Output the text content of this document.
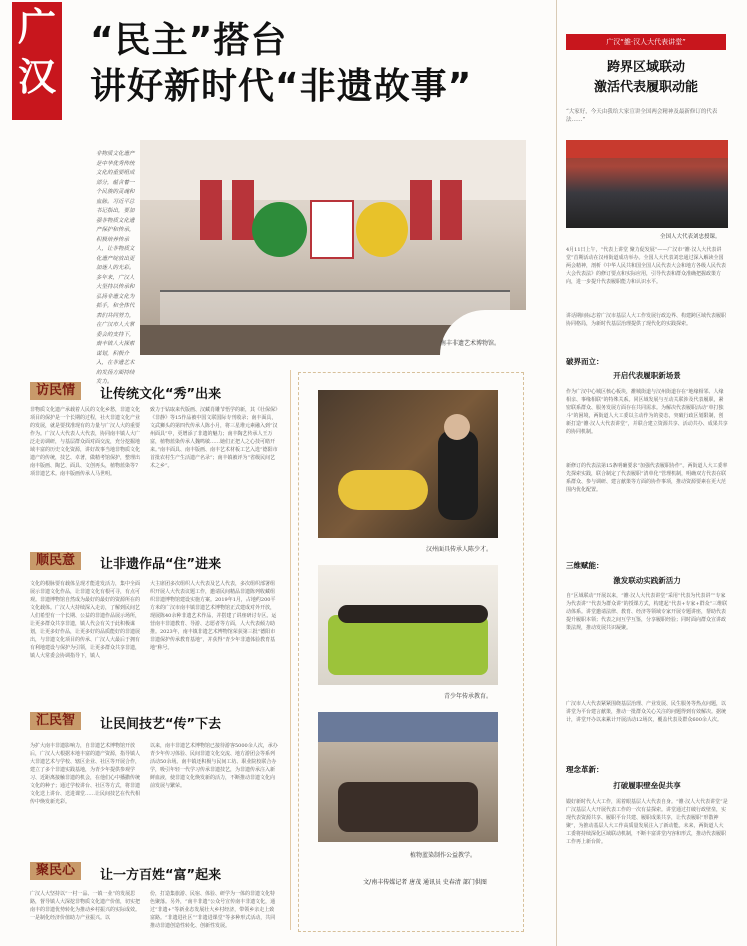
广
汉
“民主”搭台
讲好新时代“非遗故事”
非物质文化遗产是中华优秀传统文化的重要组成部分，蕴含着一个民族的灵魂和血脉。习近平总书记指出，要加强非物质文化遗产保护和传承，积极培养传承人，让非物质文化遗产绽放出更加迷人的光彩。多年来，广汉人大坚持以传承和弘扬非遗文化为抓手，和全体代表们共同努力，在广汉市人大常委会的支持下，南丰镇人大探索谋划，积极介入，在非遗艺术的发扬方面持续发力。
南丰非遗艺术博物馆。
访民情	让传统文化“秀”出来
非物质文化遗产承载着人民的文化乡愁，非遗文化项目的保护是一个长期的过程，社火非遗文化产业的发展，就是要找准现有的力量与广汉人大的重要作为。广汉人大代表人大代表，协同南丰镇人大广泛走访调研，与基层群众面对面交流，充分挖掘地域丰富的历史文化资源，讲好故事当地非物质文化遗产的传统，技艺、卓著，做精考馆保护，整理出南丰版画、陶艺、面具、文创再头，植物蓝染等7项非遗艺术。南丰版画传承人马世明。
致力于钻取来代版画、汉藏肖雕节悟学的新，其《壮保保》《非静》等15作品被中国文联国际专刊收录；南丰面具，文武狮头的第四代传承人陈小月，将三星堆元素融入到“汉州面具”中，更增添了非遗的魅力；南丰陶艺传承人王万富，植物蓝染传承人魏鸣敏……她们正把人之心技可睹开来。”南丰面具、南丰版画、南丰艺术材板工艺入选“德阳市首批农村生产生活遗产名录”；南丰镇被评为“省级民间艺术之乡”。
顺民意	让非遗作品“住”进来
文化的根脉要有载体呈现才能进发活力，集中全面展示非遗文化作品，让非遗文化有根可寻，有点可观。非遗博物馆自然成为最好的最好的资源所在的文化载体。广汉人大持续深入走访，了解到民间艺人们希望有一个长期、公益的非遗作品展示场所，让更多群众共享非遗，镇人代会有关于此积极谋划，让更多好作品，让更多好的品质能好的非遗展出，与非遗文化项目的传承、广汉人大最后于拥有有利地建设与保护为引领，让更多群众共享非遗，镇人大常委会协调指导下，镇人
大主席团多次组织人大代表及艺人代表，多次组织部署组织开展人大代表议题工作，邀请民间精品非遗陈列收藏组织非遗博物馆建设实施方案。2019年1月，占地约200平方米的广汉市南丰镇非遗艺术博物馆正式建成对外开放，现展陈40余种非遗艺术作品，并搭建了讲座研讨专区。运营南丰非遗教育、导游、志愿者等方面，人大代表倾力助推。2023年，南丰镇非遗艺术博物馆荣获第三批“德阳市非遗保护传承教育基地”，并获得“青少年非遗体验教育基地”称号。
汇民智	让民间技艺“传”下去
为扩大南丰非遗影响力，自非遗艺术博物馆开放后，广汉人大根据本地丰富的遗产资源，指导镇人大非遗艺术与学校、辖区企业、社区等开展合作，建立了多个非遗实践基地，为青少年提供参观学习、近距离接触非遗的机会，在他们心中播撒传统文化的种子；通过学校讲台、社区等方式，将非遗文化送上讲台、送进课堂……让民间技艺在代代相传中焕发新光彩。
以来，南丰非遗艺术博物馆已接待游客5000余人次，承办青少年传习体验、民间非遗文化交流、地方游团会等系列活动50余场。南丰镇还积极与民间工坊、职业院校联合办学，吸引年轻一代学习传承非遗技艺，为非遗传承注入新鲜血液，使非遗文化焕发新的活力，不断推动非遗文化向前发展与繁荣。
聚民心	让一方百姓“富”起来
广汉人大坚持以“一村一品、一镇一业”的发展思路，督导镇人大深挖非物质文化遗产价值，切实把南丰的非遗优势转化为推动乡村振兴的实际成效。一是制化经济价值助力产业振兴。以
份，打造集旅游、民宿、体验、研学为一体的非遗文化特色聚落。另外，“南丰非遗”公众号宣传南丰非遗文化，通过“非遗+”等新业态发展壮大乡村经济，带领乡亲走上致富路。“非遗进社区”“非遗进课堂”等多种形式活动，共同推动非遗创造性转化、创新性发展。
汉州面具传承人陈少才。
青少年传承教育。
植物蓝染制作公益教学。
文/南丰传媒记者 唐茂 通讯员 史春清 部门供图
广汉“雒·汉人大代表讲堂”
跨界区域联动
激活代表履职动能
“大家好，今天由我给大家宣讲全国两会精神及最新修订的代表法……”
全国人大代表刘忠授课。
4月11日上午，“代表上讲堂 聚力促发展”——广汉市“雒·汉人大代表讲堂”首期活动在汉州街道成功举办。全国人大代表刘忠通过深入解读全国两会精神，剖析《中华人民共和国全国人民代表大会和地方各级人民代表大会代表法》的修订要点和实际应用，引导代表和群众准确把握政策方向，进一步提升代表履职能力和认识水平。
讲话期间标志着广汉市基层人大工作发展行政边界、构建跨区域代表履职协同格局，为新时代基层治理提供了现代化的实践探索。
破界而立：
开启代表履职新场景
作为广汉中心城区核心板块，雒城街道与汉州街道存在“地缘相邻、人缘相亲、事缘相联”的特殊关系。同区域发展与互动关联涉及代表履职，紧密联系群众、服务发展方面存在共同需求。为解决代表履职活动“单打独斗”的困境，两街道人大工委以主动作为的姿态，突破行政区划限制，创新打造“雒·汉人大代表讲堂”，并联合建立资源共享、活动共办、成果共享的协同机制。
新修订的代表法第15条明确要求“加强代表履职协作”。两街道人大工委率先探索实践，联合制定了代表履职“清单化”管理机制，明确双方代表在联系群众、参与调研、建言献策等方面的协作事项，推动资源要素在更大范围内优化配置。
三维赋能：
激发联动实践新活力
自“区域联动”开展以来，“雒·汉人大代表讲堂”采用“代表为代表讲”“专家为代表讲”“代表为群众讲”的授课方式，构建起“代表+专家+群众”三维联动体系。讲堂邀请法律、教育、经济等领域专家开展专题讲座，帮助代表提升履职本领；代表之间互学互鉴，分享履职经验；同时面向群众宣讲政策法规，推动发展共识凝聚。
广汉市人大代表紧紧围绕基层治理、产业发展、民生服务等热点问题，以讲堂为平台建言献策，推动一批群众关心关注的问题得到有效解决。据统计，讲堂开办以来累计开展活动12场次，覆盖代表及群众600余人次。
理念革新：
打破履职壁垒促共享
锻好新时代人大工作，需着眼基层人大代表自身。“雒·汉人大代表讲堂”是广汉基层人大开展代表工作的一次有益探索。讲堂通过打破行政壁垒，实现代表资源共享、履职平台共建、履职成果共享，让代表履职“形散神聚”，为推动基层人大工作高质量发展注入了新动能。未来，两街道人大工委将持续深化区域联动机制，不断丰富讲堂内容和形式，推动代表履职工作再上新台阶。
